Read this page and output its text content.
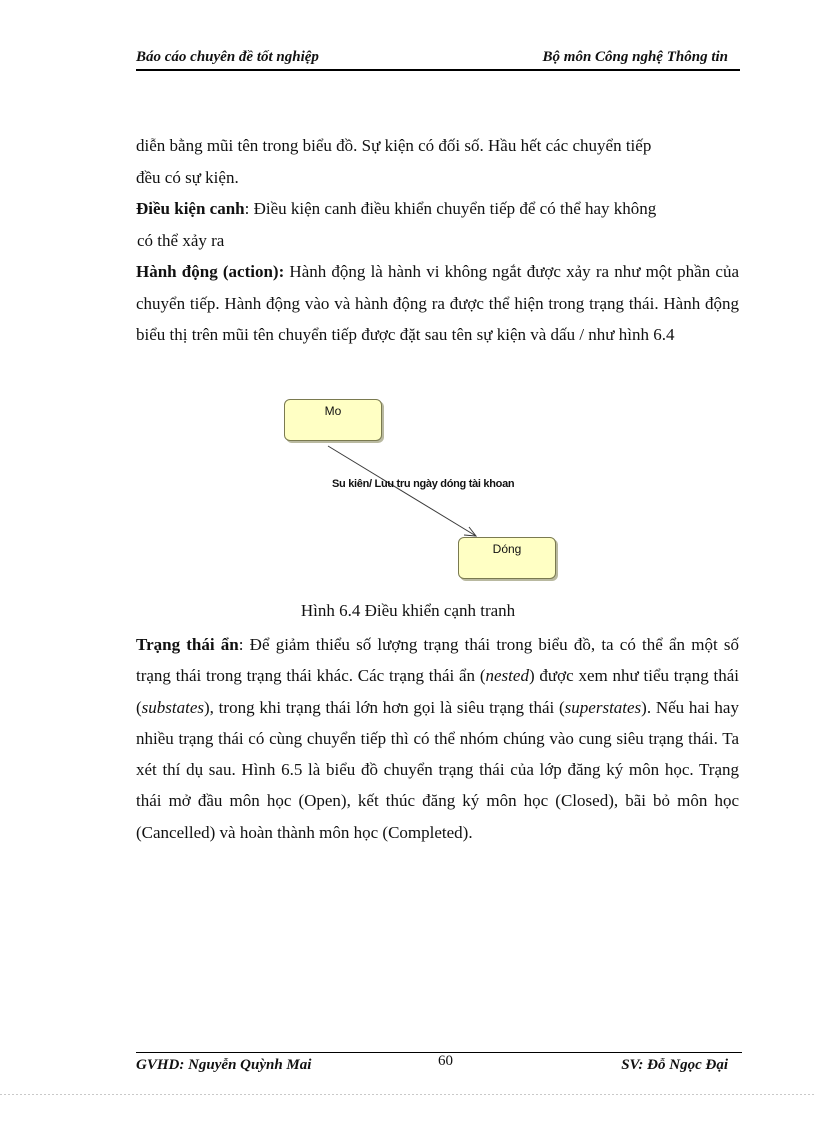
Báo cáo chuyên đề tốt nghiệp	Bộ môn Công nghệ Thông tin

diễn bằng mũi tên trong biểu đồ. Sự kiện có đối số. Hầu hết các chuyển tiếp
đều có sự kiện.

Điều kiện canh: Điều kiện canh điều khiển chuyển tiếp để có thể hay không
có thể xảy ra

Hành động (action): Hành động là hành vi không ngắt được xảy ra như một phần của chuyển tiếp. Hành động vào và hành động ra được thể hiện trong trạng thái. Hành động biểu thị trên mũi tên chuyển tiếp được đặt sau tên sự kiện và dấu / như hình 6.4

Mo
Su kiên/ Luu tru ngày dóng tài khoan
Dóng
Hình 6.4 Điều khiển cạnh tranh

Trạng thái ẩn: Để giảm thiểu số lượng trạng thái trong biểu đồ, ta có thể ẩn một số trạng thái trong trạng thái khác. Các trạng thái ẩn (nested) được xem như tiểu trạng thái (substates), trong khi trạng thái lớn hơn gọi là siêu trạng thái (superstates). Nếu hai hay nhiều trạng thái có cùng chuyển tiếp thì có thể nhóm chúng vào cung siêu trạng thái. Ta xét thí dụ sau. Hình 6.5 là biểu đồ chuyển trạng thái của lớp đăng ký môn học. Trạng thái mở đầu môn học (Open), kết thúc đăng ký môn học (Closed), bãi bỏ môn học (Cancelled) và hoàn thành môn học (Completed).

GVHD: Nguyễn Quỳnh Mai	60	SV: Đỗ Ngọc Đại
